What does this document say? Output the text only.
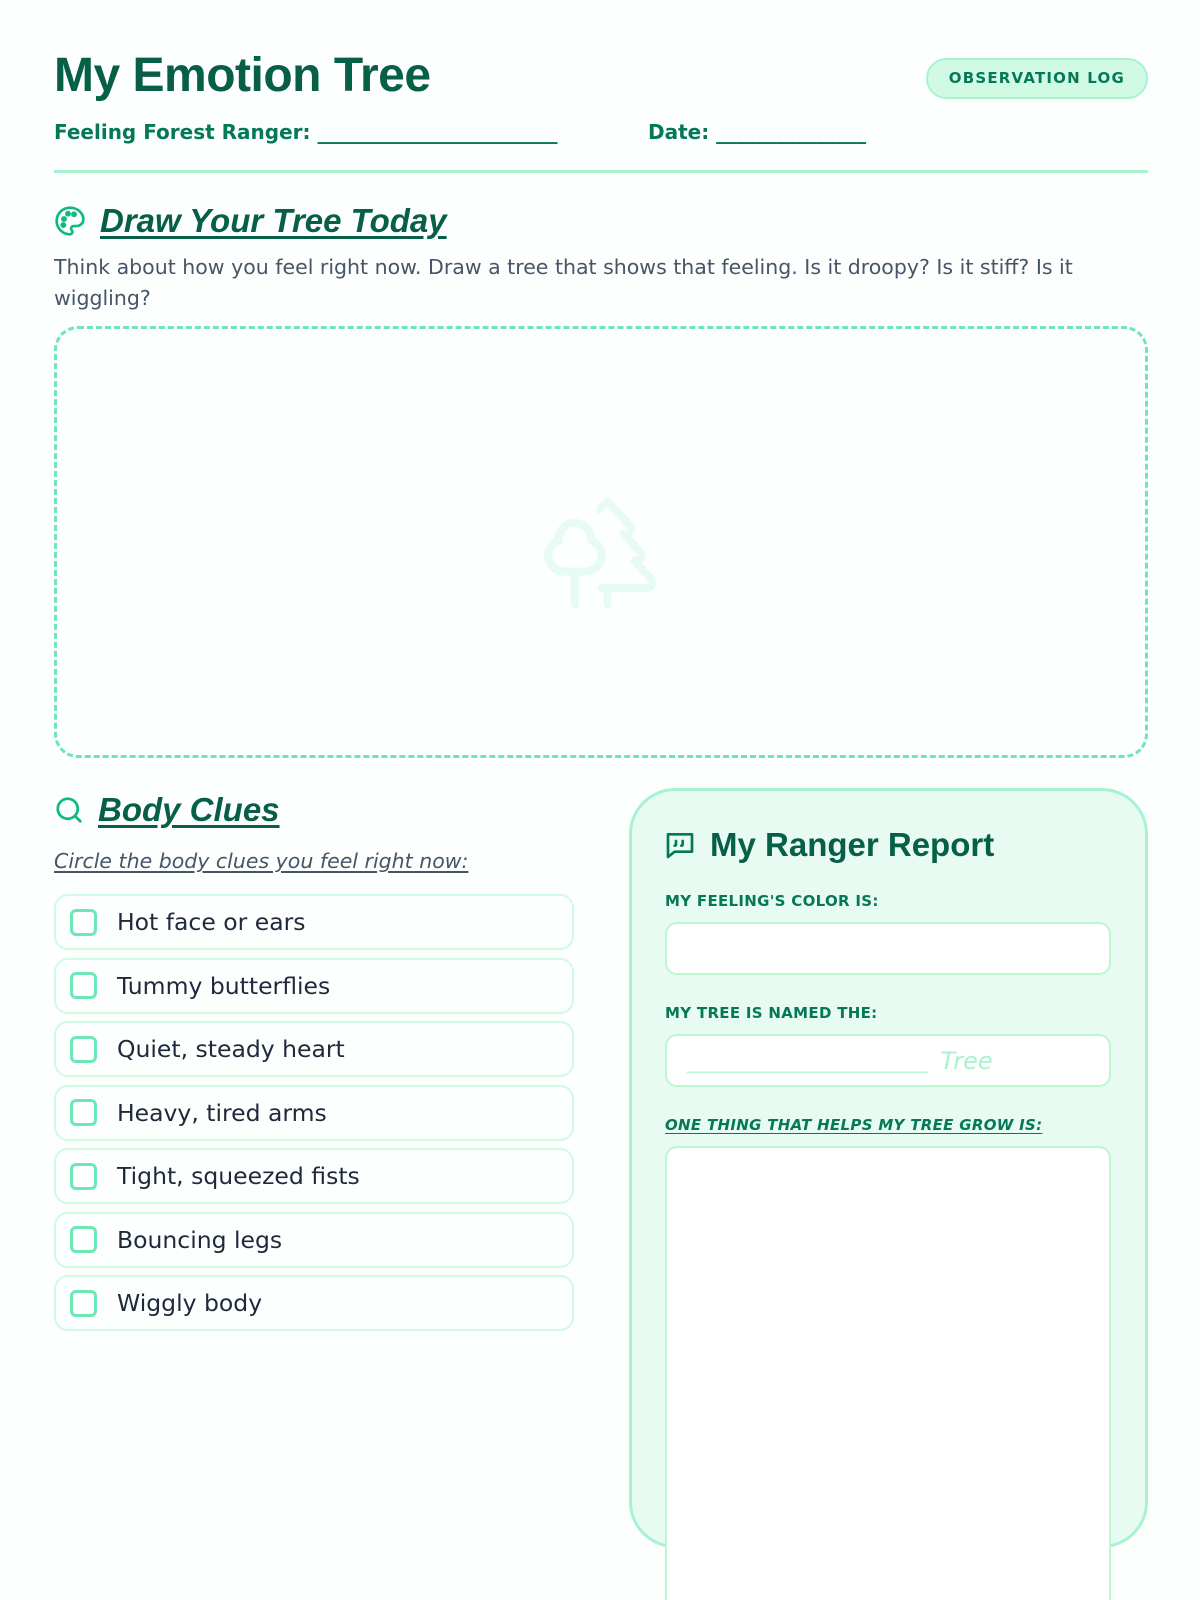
My Emotion Tree	OBSERVATION LOG
Feeling Forest Ranger: ________________________	Date: _______________
Draw Your Tree Today

Think about how you feel right now. Draw a tree that shows that feeling. Is it droopy? Is it stiff? Is it wiggling?

Body Clues
Circle the body clues you feel right now:
Hot face or ears
Tummy butterflies
Quiet, steady heart
Heavy, tired arms
Tight, squeezed fists
Bouncing legs
Wiggly body
My Ranger Report
MY FEELING'S COLOR IS:
MY TREE IS NAMED THE:
_______________________ Tree
ONE THING THAT HELPS MY TREE GROW IS:
